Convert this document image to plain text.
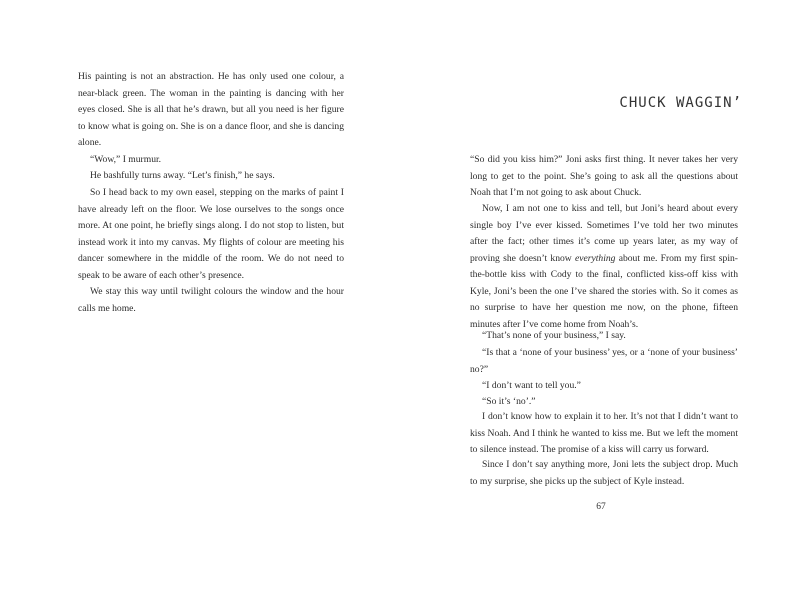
His painting is not an abstraction. He has only used one colour, a near-black green. The woman in the painting is dancing with her eyes closed. She is all that he’s drawn, but all you need is her figure to know what is going on. She is on a dance floor, and she is dancing alone.

“Wow,” I murmur.

He bashfully turns away. “Let’s finish,” he says.

So I head back to my own easel, stepping on the marks of paint I have already left on the floor. We lose ourselves to the songs once more. At one point, he briefly sings along. I do not stop to listen, but instead work it into my canvas. My flights of colour are meeting his dancer somewhere in the middle of the room. We do not need to speak to be aware of each other’s presence.

We stay this way until twilight colours the window and the hour calls me home.

CHUCK WAGGIN’

“So did you kiss him?” Joni asks first thing. It never takes her very long to get to the point. She’s going to ask all the questions about Noah that I’m not going to ask about Chuck.

Now, I am not one to kiss and tell, but Joni’s heard about every single boy I’ve ever kissed. Sometimes I’ve told her two minutes after the fact; other times it’s come up years later, as my way of proving she doesn’t know everything about me. From my first spin-the-bottle kiss with Cody to the final, conflicted kiss-off kiss with Kyle, Joni’s been the one I’ve shared the stories with. So it comes as no surprise to have her question me now, on the phone, fifteen minutes after I’ve come home from Noah’s.

“That’s none of your business,” I say.

“Is that a ‘none of your business’ yes, or a ‘none of your business’ no?”

“I don’t want to tell you.”

“So it’s ‘no’.”

I don’t know how to explain it to her. It’s not that I didn’t want to kiss Noah. And I think he wanted to kiss me. But we left the moment to silence instead. The promise of a kiss will carry us forward.

Since I don’t say anything more, Joni lets the subject drop. Much to my surprise, she picks up the subject of Kyle instead.

67
